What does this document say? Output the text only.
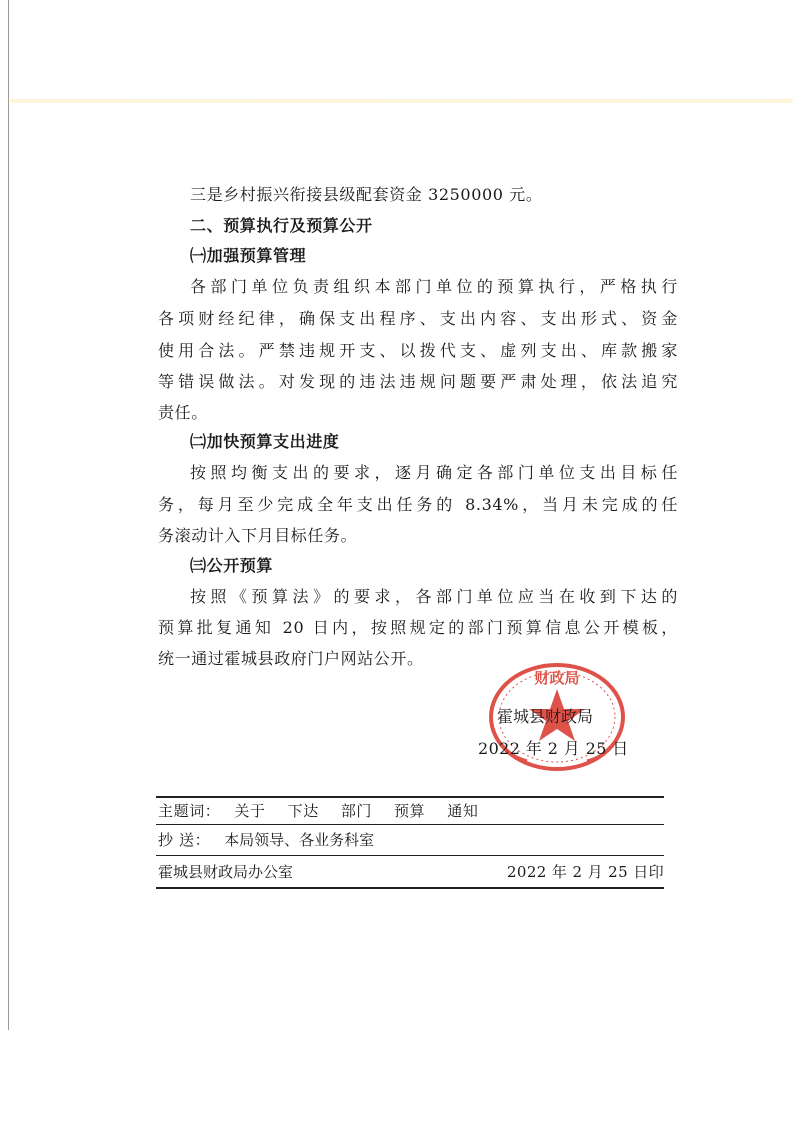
三是乡村振兴衔接县级配套资金 3250000 元。
二、预算执行及预算公开
㈠加强预算管理
各部门单位负责组织本部门单位的预算执行，严格执行
各项财经纪律，确保支出程序、支出内容、支出形式、资金
使用合法。严禁违规开支、以拨代支、虚列支出、库款搬家
等错误做法。对发现的违法违规问题要严肃处理，依法追究
责任。
㈡加快预算支出进度
按照均衡支出的要求，逐月确定各部门单位支出目标任
务，每月至少完成全年支出任务的 8.34%，当月未完成的任
务滚动计入下月目标任务。
㈢公开预算
按照《预算法》的要求，各部门单位应当在收到下达的
预算批复通知 20 日内，按照规定的部门预算信息公开模板，
统一通过霍城县政府门户网站公开。
财政局
霍城县财政局
2022 年 2 月 25 日
主题词： 关于 下达 部门 预算 通知
抄 送： 本局领导、各业务科室
霍城县财政局办公室	2022 年 2 月 25 日印
